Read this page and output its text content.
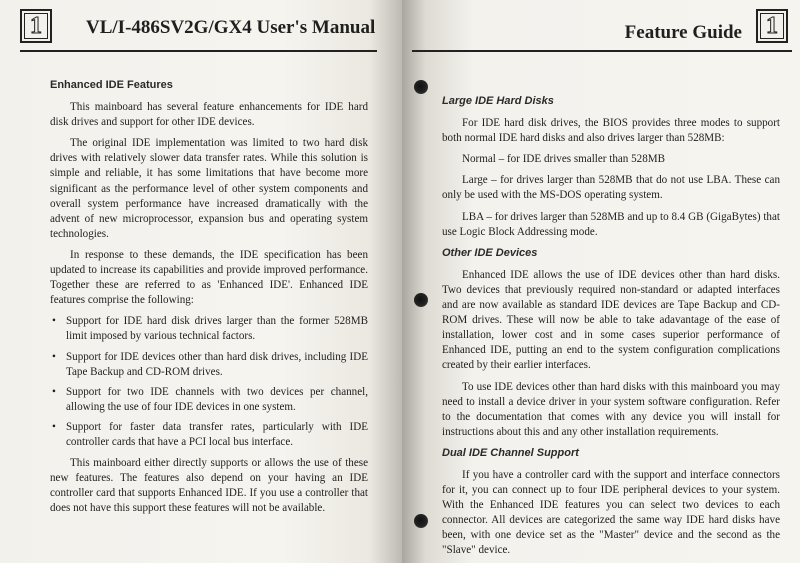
1 VL/I-486SV2G/GX4 User's Manual
Enhanced IDE Features

This mainboard has several feature enhancements for IDE hard disk drives and support for other IDE devices.

The original IDE implementation was limited to two hard disk drives with relatively slower data transfer rates. While this solution is simple and reliable, it has some limitations that have become more significant as the performance level of other system components and overall system performance have increased dramatically with the advent of new microprocessor, expansion bus and operating system technologies.

In response to these demands, the IDE specification has been updated to increase its capabilities and provide improved performance. Together these are referred to as 'Enhanced IDE'. Enhanced IDE features comprise the following:

• Support for IDE hard disk drives larger than the former 528MB limit imposed by various technical factors.
• Support for IDE devices other than hard disk drives, including IDE Tape Backup and CD-ROM drives.
• Support for two IDE channels with two devices per channel, allowing the use of four IDE devices in one system.
• Support for faster data transfer rates, particularly with IDE controller cards that have a PCI local bus interface.

This mainboard either directly supports or allows the use of these new features. The features also depend on your having an IDE controller card that supports Enhanced IDE. If you use a controller that does not have this support these features will not be available.

Feature Guide 1
Large IDE Hard Disks

For IDE hard disk drives, the BIOS provides three modes to support both normal IDE hard disks and also drives larger than 528MB:

Normal – for IDE drives smaller than 528MB

Large – for drives larger than 528MB that do not use LBA. These can only be used with the MS-DOS operating system.

LBA – for drives larger than 528MB and up to 8.4 GB (GigaBytes) that use Logic Block Addressing mode.

Other IDE Devices

Enhanced IDE allows the use of IDE devices other than hard disks. Two devices that previously required non-standard or adapted interfaces and are now available as standard IDE devices are Tape Backup and CD-ROM drives. These will now be able to take adavantage of the ease of installation, lower cost and in some cases superior performance of Enhanced IDE, putting an end to the system configuration complications created by their earlier interfaces.

To use IDE devices other than hard disks with this mainboard you may need to install a device driver in your system software configuration. Refer to the documentation that comes with any device you will install for instructions about this and any other installation requirements.

Dual IDE Channel Support

If you have a controller card with the support and interface connectors for it, you can connect up to four IDE peripheral devices to your system. With the Enhanced IDE features you can select two devices to each connector. All devices are categorized the same way IDE hard disks have been, with one device set as the "Master" device and the second as the "Slave" device.
